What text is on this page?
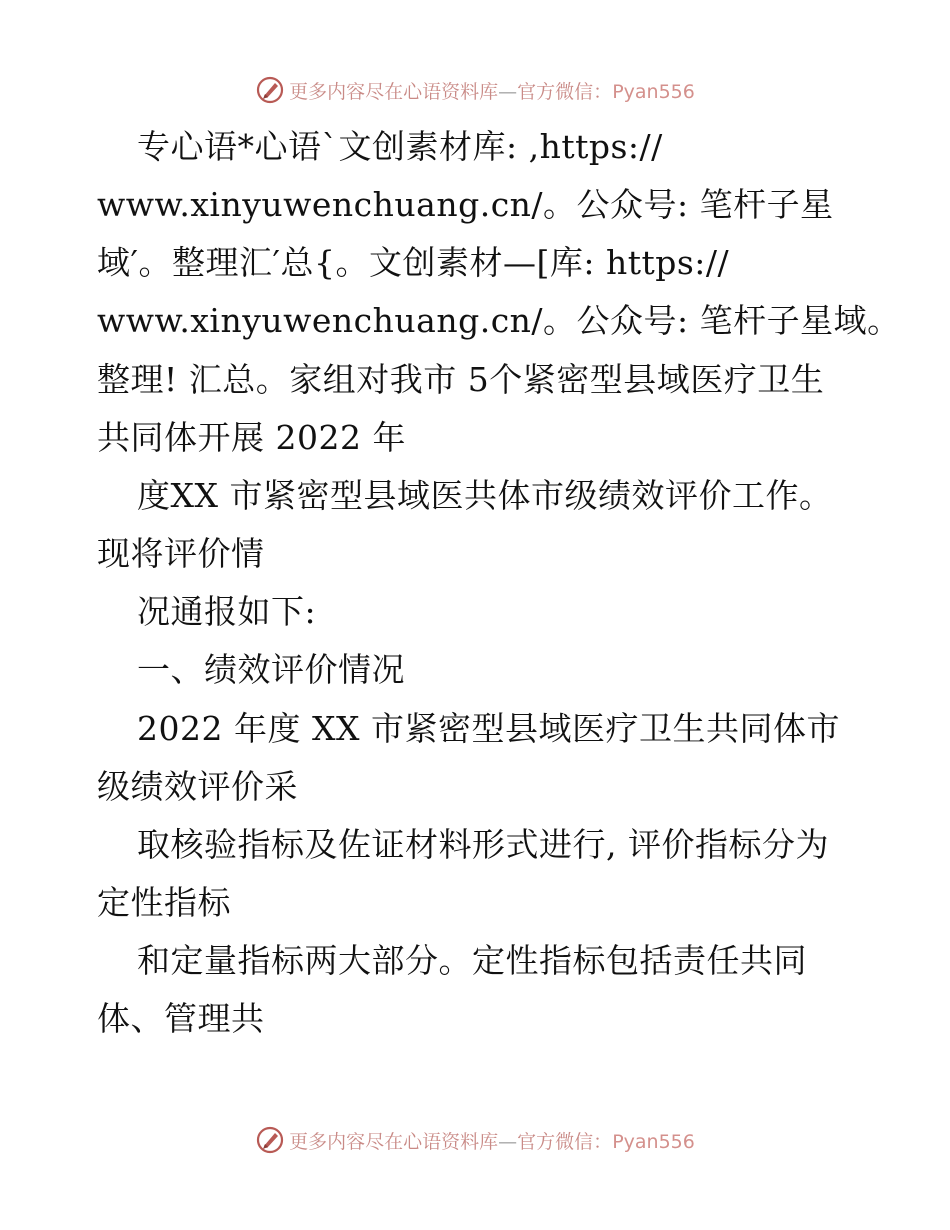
更多内容尽在心语资料库—官方微信：Pyan556
专心语*心语`文创素材库: ,https://
www.xinyuwenchuang.cn/。公众号: 笔杆子星
域′。整理汇′总{。文创素材—[库: https://
www.xinyuwenchuang.cn/。公众号: 笔杆子星域。
整理! 汇总。家组对我市 5个紧密型县域医疗卫生
共同体开展 2022 年
度XX 市紧密型县域医共体市级绩效评价工作。
现将评价情
况通报如下:
一、绩效评价情况
2022 年度 XX 市紧密型县域医疗卫生共同体市
级绩效评价采
取核验指标及佐证材料形式进行, 评价指标分为
定性指标
和定量指标两大部分。定性指标包括责任共同
体、管理共
更多内容尽在心语资料库—官方微信：Pyan556
